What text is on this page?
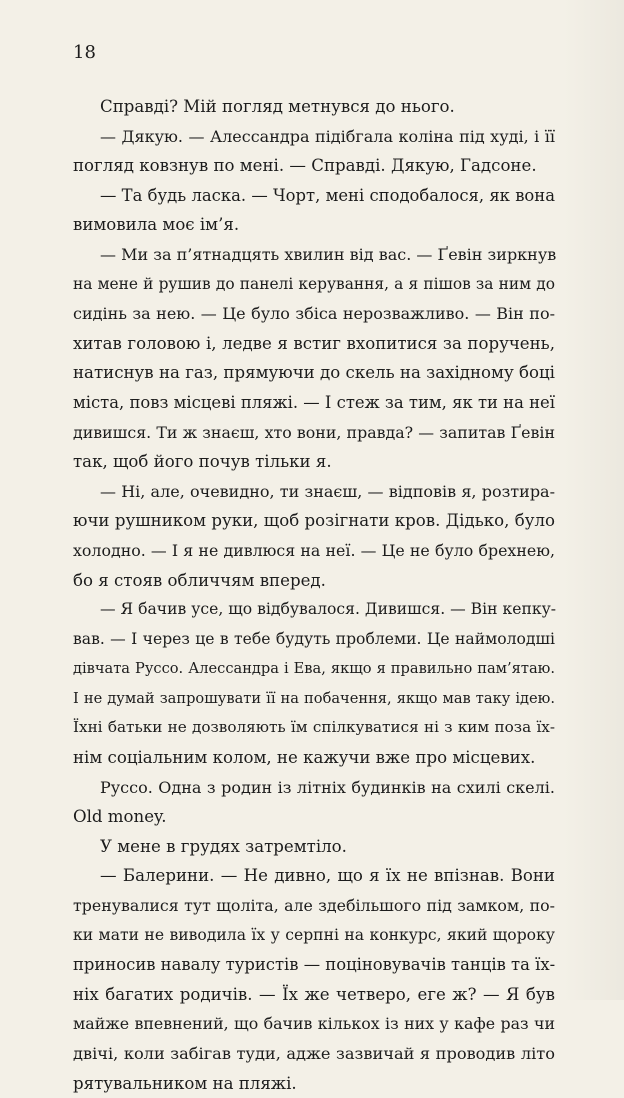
18
Справді? Мій погляд метнувся до нього.
— Дякую. — Алессандра підібгала коліна під худі, і її
погляд ковзнув по мені. — Справді. Дякую, Гадсоне.
— Та будь ласка. — Чорт, мені сподобалося, як вона
вимовила моє ім’я.
— Ми за п’ятнадцять хвилин від вас. — Ґевін зиркнув
на мене й рушив до панелі керування, а я пішов за ним до
сидінь за нею. — Це було збіса нерозважливо. — Він по-
хитав головою і, ледве я встиг вхопитися за поручень,
натиснув на газ, прямуючи до скель на західному боці
міста, повз місцеві пляжі. — І стеж за тим, як ти на неї
дивишся. Ти ж знаєш, хто вони, правда? — запитав Ґевін
так, щоб його почув тільки я.
— Ні, але, очевидно, ти знаєш, — відповів я, розтира-
ючи рушником руки, щоб розігнати кров. Дідько, було
холодно. — І я не дивлюся на неї. — Це не було брехнею,
бо я стояв обличчям вперед.
— Я бачив усе, що відбувалося. Дивишся. — Він кепку-
вав. — І через це в тебе будуть проблеми. Це наймолодші
дівчата Руссо. Алессандра і Ева, якщо я правильно пам’ятаю.
І не думай запрошувати її на побачення, якщо мав таку ідею.
Їхні батьки не дозволяють їм спілкуватися ні з ким поза їх-
нім соціальним колом, не кажучи вже про місцевих.
Руссо. Одна з родин із літніх будинків на схилі скелі.
Old money.
У мене в грудях затремтіло.
— Балерини. — Не дивно, що я їх не впізнав. Вони
тренувалися тут щоліта, але здебільшого під замком, по-
ки мати не виводила їх у серпні на конкурс, який щороку
приносив навалу туристів — поціновувачів танців та їх-
ніх багатих родичів. — Їх же четверо, еге ж? — Я був
майже впевнений, що бачив кількох із них у кафе раз чи
двічі, коли забігав туди, адже зазвичай я проводив літо
рятувальником на пляжі.
